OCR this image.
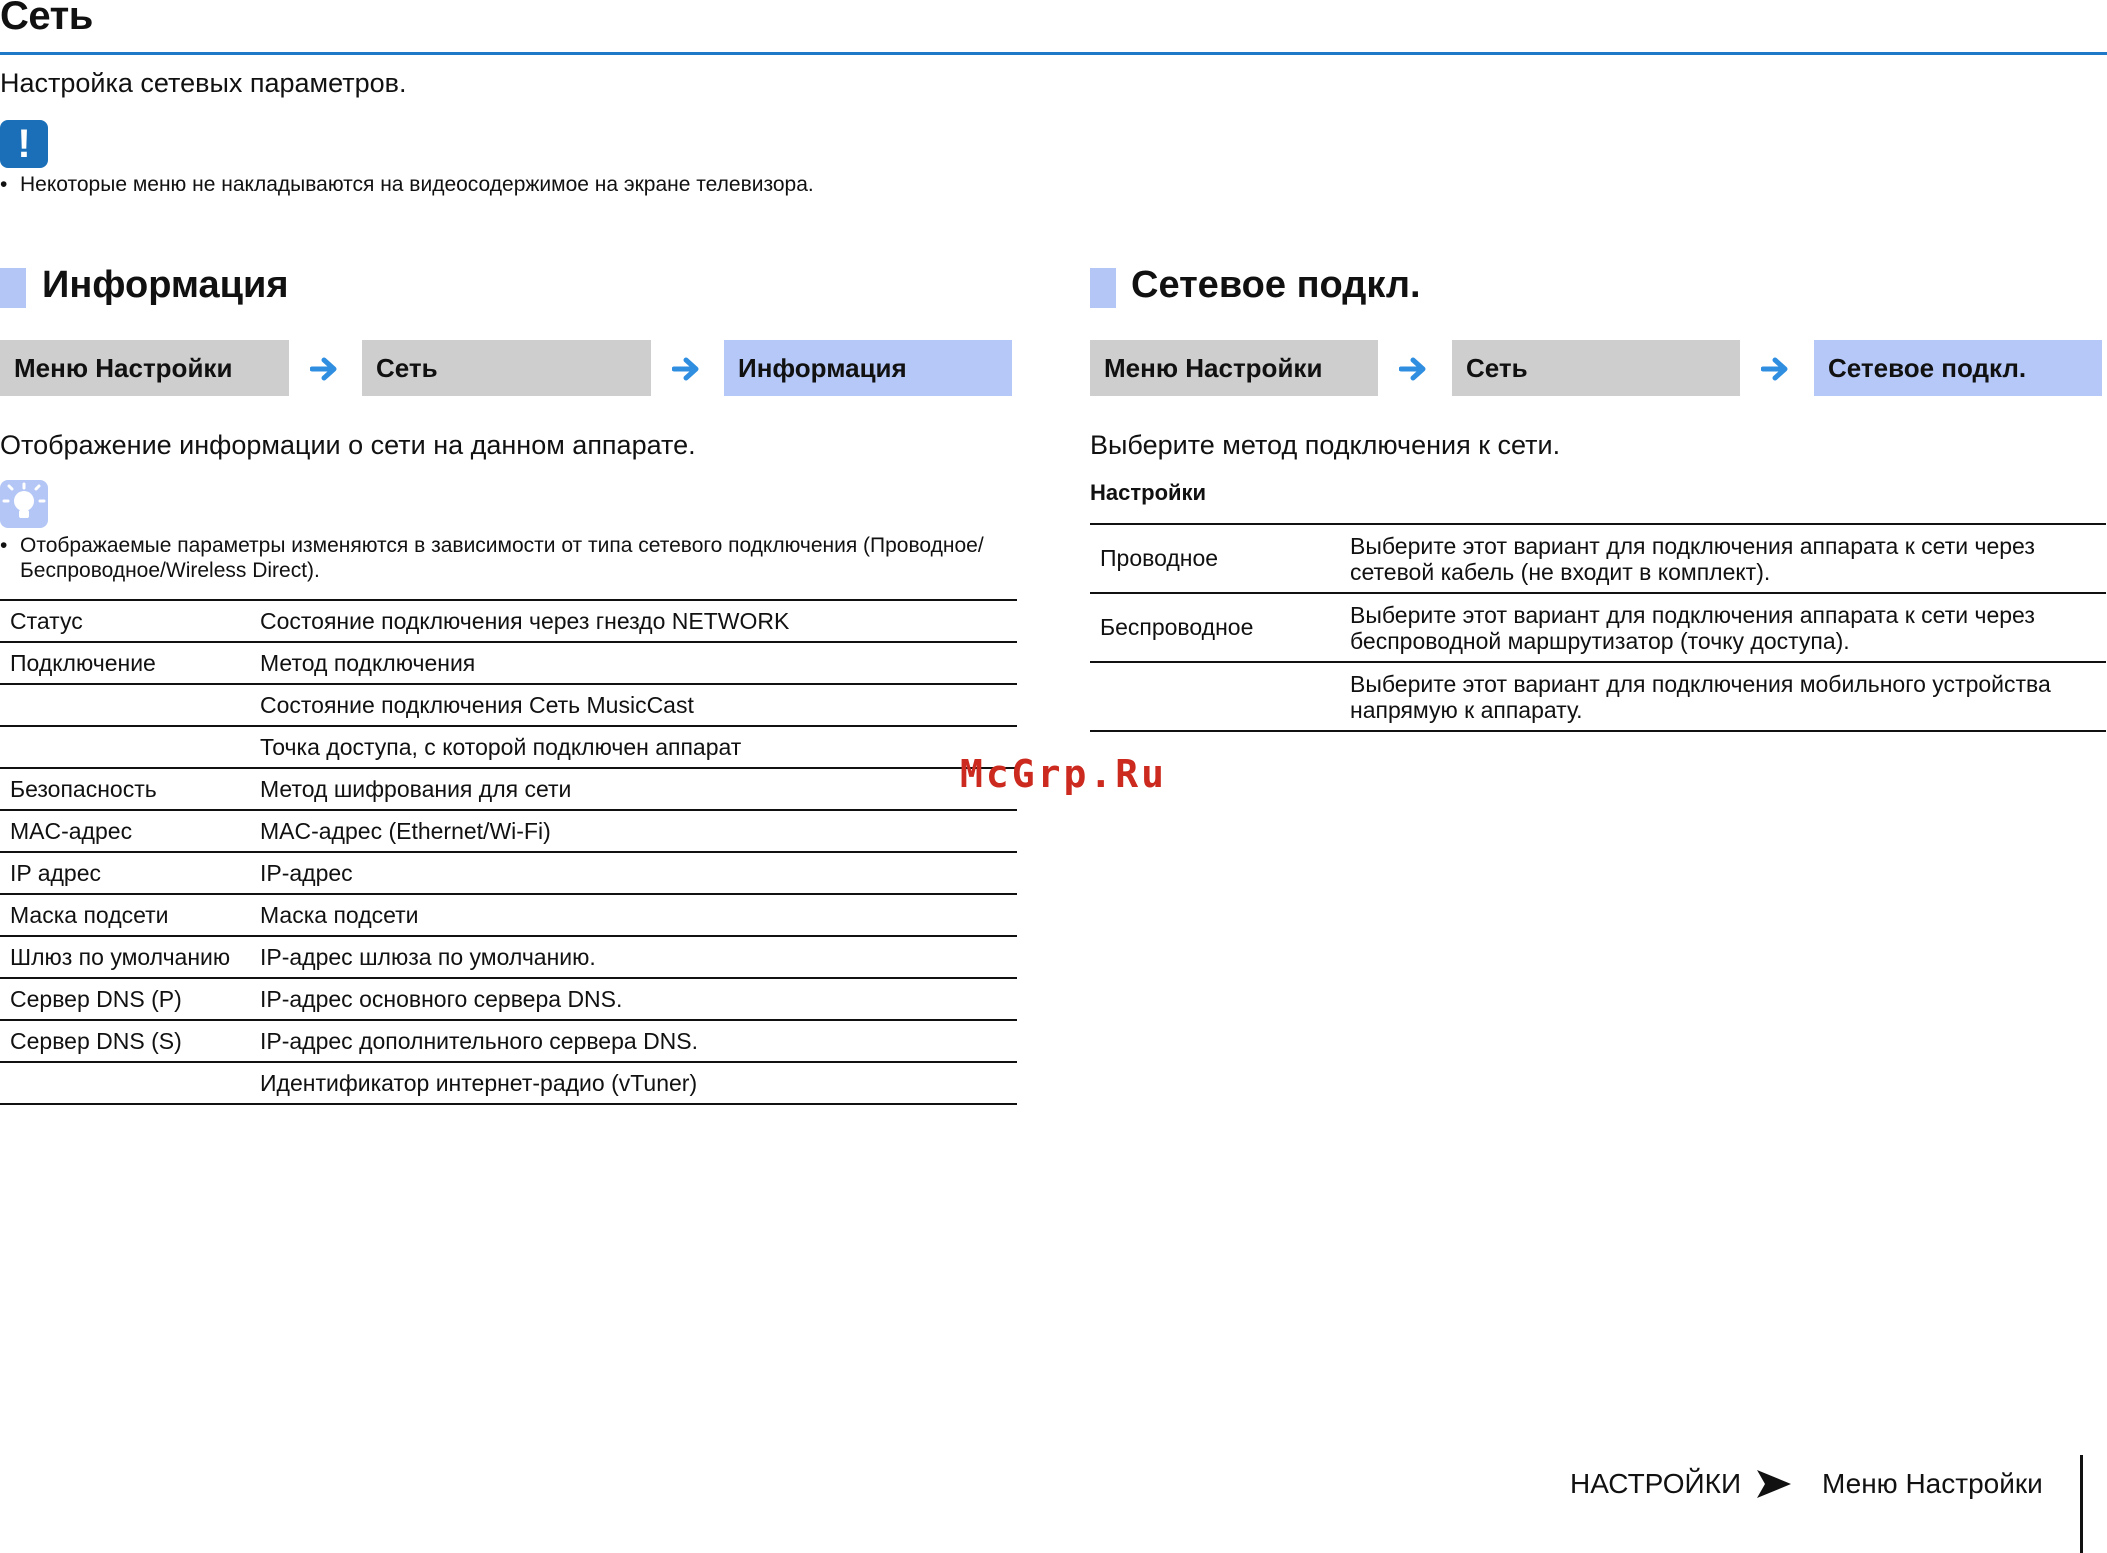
Сеть
Настройка сетевых параметров.
!
• Некоторые меню не накладываются на видеосодержимое на экране телевизора.
Информация
Меню Настройки	Сеть	Информация
Отображение информации о сети на данном аппарате.
• Отображаемые параметры изменяются в зависимости от типа сетевого подключения (Проводное/
Беспроводное/Wireless Direct).
Статус	Состояние подключения через гнездо NETWORK
Подключение	Метод подключения
	Состояние подключения Сеть MusicCast
	Точка доступа, с которой подключен аппарат
Безопасность	Метод шифрования для сети
MAC-адрес	MAC-адрес (Ethernet/Wi-Fi)
IP адрес	IP-адрес
Маска подсети	Маска подсети
Шлюз по умолчанию	IP-адрес шлюза по умолчанию.
Сервер DNS (P)	IP-адрес основного сервера DNS.
Сервер DNS (S)	IP-адрес дополнительного сервера DNS.
	Идентификатор интернет-радио (vTuner)
Сетевое подкл.
Меню Настройки	Сеть	Сетевое подкл.
Выберите метод подключения к сети.
Настройки
Проводное	Выберите этот вариант для подключения аппарата к сети через
сетевой кабель (не входит в комплект).
Беспроводное	Выберите этот вариант для подключения аппарата к сети через
беспроводной маршрутизатор (точку доступа).
	Выберите этот вариант для подключения мобильного устройства
напрямую к аппарату.
McGrp.Ru
НАСТРОЙКИ	Меню Настройки
